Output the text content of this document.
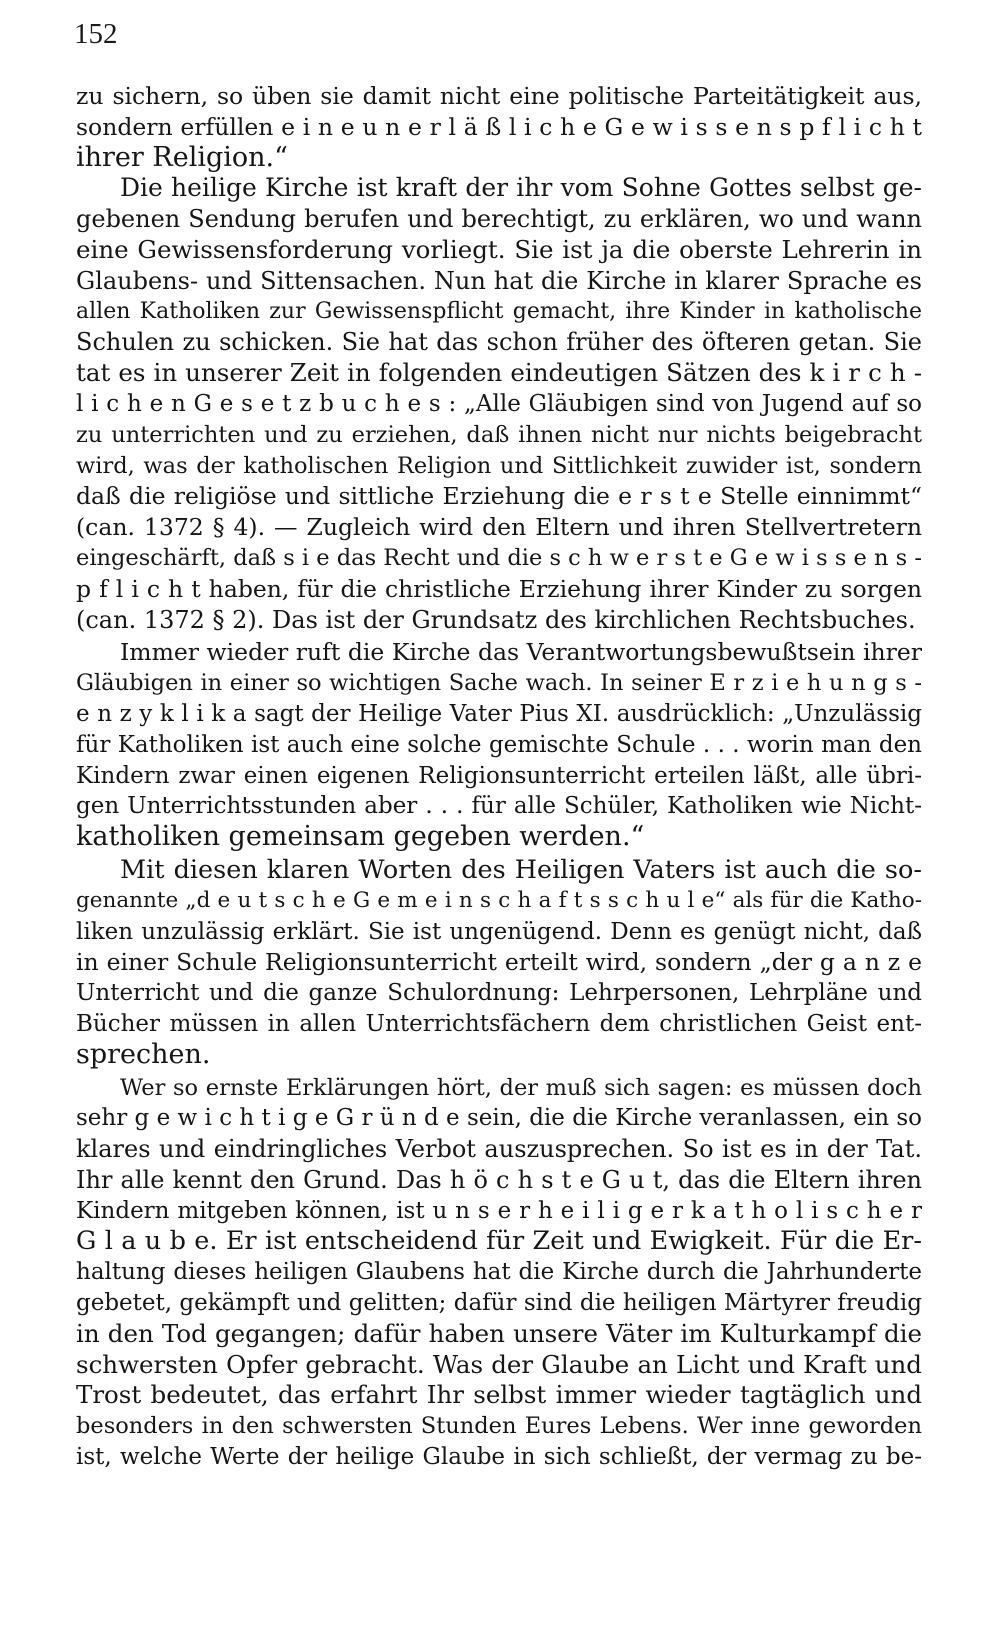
152
zu sichern, so üben sie damit nicht eine politische Parteitätigkeit aus,
sondern erfüllen e i n e u n e r l ä ß l i c h e G e w i s s e n s p f l i c h t
ihrer Religion.“
Die heilige Kirche ist kraft der ihr vom Sohne Gottes selbst ge-
gebenen Sendung berufen und berechtigt, zu erklären, wo und wann
eine Gewissensforderung vorliegt. Sie ist ja die oberste Lehrerin in
Glaubens- und Sittensachen. Nun hat die Kirche in klarer Sprache es
allen Katholiken zur Gewissenspflicht gemacht, ihre Kinder in katholische
Schulen zu schicken. Sie hat das schon früher des öfteren getan. Sie
tat es in unserer Zeit in folgenden eindeutigen Sätzen des k i r c h -
l i c h e n G e s e t z b u c h e s : „Alle Gläubigen sind von Jugend auf so
zu unterrichten und zu erziehen, daß ihnen nicht nur nichts beigebracht
wird, was der katholischen Religion und Sittlichkeit zuwider ist, sondern
daß die religiöse und sittliche Erziehung die e r s t e Stelle einnimmt“
(can. 1372 § 4). — Zugleich wird den Eltern und ihren Stellvertretern
eingeschärft, daß s i e das Recht und die s c h w e r s t e G e w i s s e n s -
p f l i c h t haben, für die christliche Erziehung ihrer Kinder zu sorgen
(can. 1372 § 2). Das ist der Grundsatz des kirchlichen Rechtsbuches.
Immer wieder ruft die Kirche das Verantwortungsbewußtsein ihrer
Gläubigen in einer so wichtigen Sache wach. In seiner E r z i e h u n g s -
e n z y k l i k a sagt der Heilige Vater Pius XI. ausdrücklich: „Unzulässig
für Katholiken ist auch eine solche gemischte Schule . . . worin man den
Kindern zwar einen eigenen Religionsunterricht erteilen läßt, alle übri-
gen Unterrichtsstunden aber . . . für alle Schüler, Katholiken wie Nicht-
katholiken gemeinsam gegeben werden.“
Mit diesen klaren Worten des Heiligen Vaters ist auch die so-
genannte „d e u t s c h e G e m e i n s c h a f t s s c h u l e“ als für die Katho-
liken unzulässig erklärt. Sie ist ungenügend. Denn es genügt nicht, daß
in einer Schule Religionsunterricht erteilt wird, sondern „der g a n z e
Unterricht und die ganze Schulordnung: Lehrpersonen, Lehrpläne und
Bücher müssen in allen Unterrichtsfächern dem christlichen Geist ent-
sprechen.
Wer so ernste Erklärungen hört, der muß sich sagen: es müssen doch
sehr g e w i c h t i g e G r ü n d e sein, die die Kirche veranlassen, ein so
klares und eindringliches Verbot auszusprechen. So ist es in der Tat.
Ihr alle kennt den Grund. Das h ö c h s t e G u t, das die Eltern ihren
Kindern mitgeben können, ist u n s e r h e i l i g e r k a t h o l i s c h e r
G l a u b e. Er ist entscheidend für Zeit und Ewigkeit. Für die Er-
haltung dieses heiligen Glaubens hat die Kirche durch die Jahrhunderte
gebetet, gekämpft und gelitten; dafür sind die heiligen Märtyrer freudig
in den Tod gegangen; dafür haben unsere Väter im Kulturkampf die
schwersten Opfer gebracht. Was der Glaube an Licht und Kraft und
Trost bedeutet, das erfahrt Ihr selbst immer wieder tagtäglich und
besonders in den schwersten Stunden Eures Lebens. Wer inne geworden
ist, welche Werte der heilige Glaube in sich schließt, der vermag zu be-
